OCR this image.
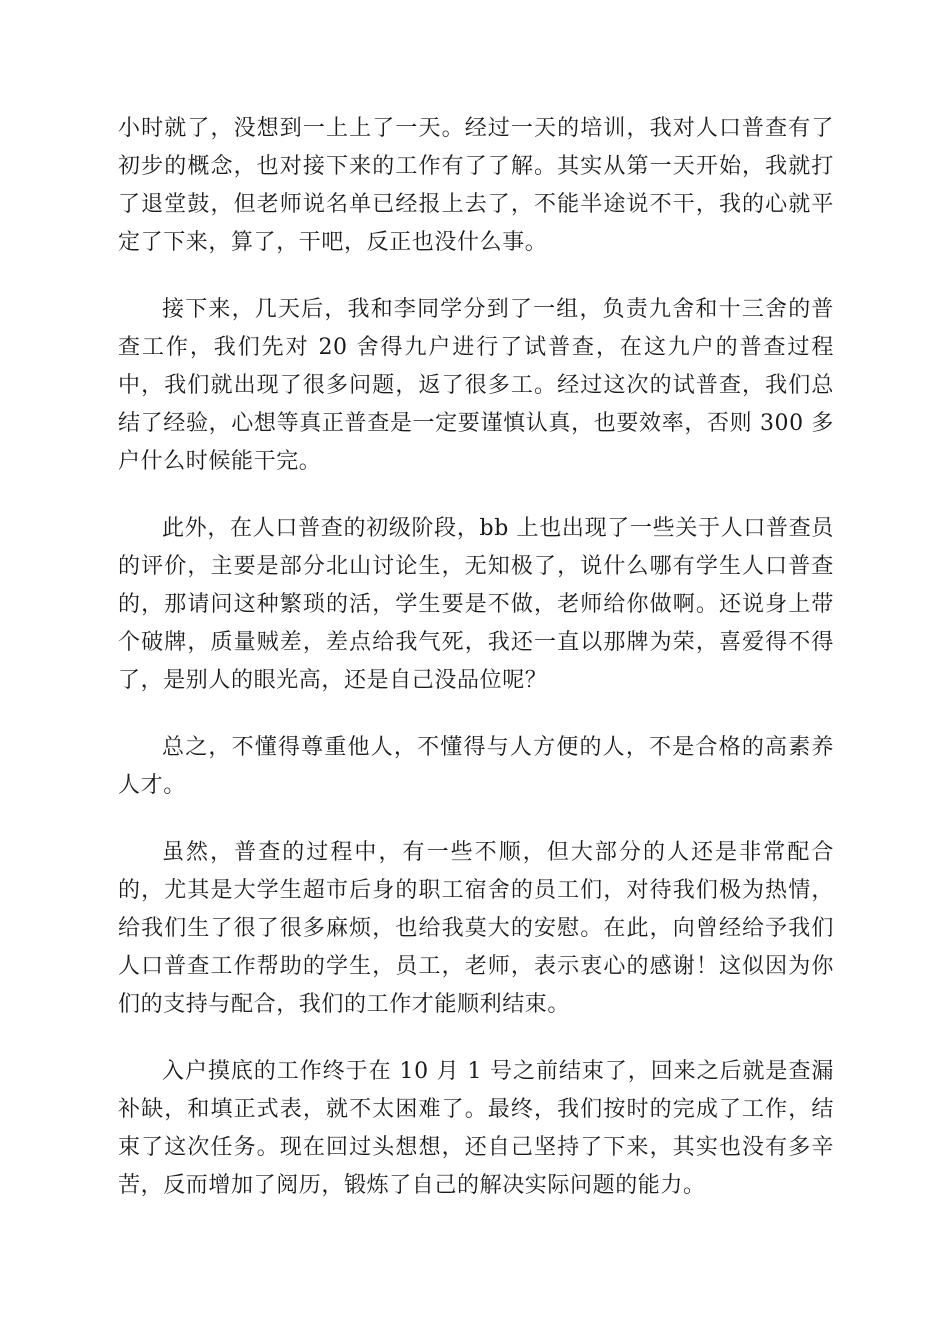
小时就了，没想到一上上了一天。经过一天的培训，我对人口普查有了初步的概念，也对接下来的工作有了了解。其实从第一天开始，我就打了退堂鼓，但老师说名单已经报上去了，不能半途说不干，我的心就平定了下来，算了，干吧，反正也没什么事。

接下来，几天后，我和李同学分到了一组，负责九舍和十三舍的普查工作，我们先对 20 舍得九户进行了试普查，在这九户的普查过程中，我们就出现了很多问题，返了很多工。经过这次的试普查，我们总结了经验，心想等真正普查是一定要谨慎认真，也要效率，否则 300 多户什么时候能干完。

此外，在人口普查的初级阶段，bb 上也出现了一些关于人口普查员的评价，主要是部分北山讨论生，无知极了，说什么哪有学生人口普查的，那请问这种繁琐的活，学生要是不做，老师给你做啊。还说身上带个破牌，质量贼差，差点给我气死，我还一直以那牌为荣，喜爱得不得了，是别人的眼光高，还是自己没品位呢？

总之，不懂得尊重他人，不懂得与人方便的人，不是合格的高素养人才。

虽然，普查的过程中，有一些不顺，但大部分的人还是非常配合的，尤其是大学生超市后身的职工宿舍的员工们，对待我们极为热情，给我们生了很了很多麻烦，也给我莫大的安慰。在此，向曾经给予我们人口普查工作帮助的学生，员工，老师，表示衷心的感谢！这似因为你们的支持与配合，我们的工作才能顺利结束。

入户摸底的工作终于在 10 月 1 号之前结束了，回来之后就是查漏补缺，和填正式表，就不太困难了。最终，我们按时的完成了工作，结束了这次任务。现在回过头想想，还自己坚持了下来，其实也没有多辛苦，反而增加了阅历，锻炼了自己的解决实际问题的能力。
